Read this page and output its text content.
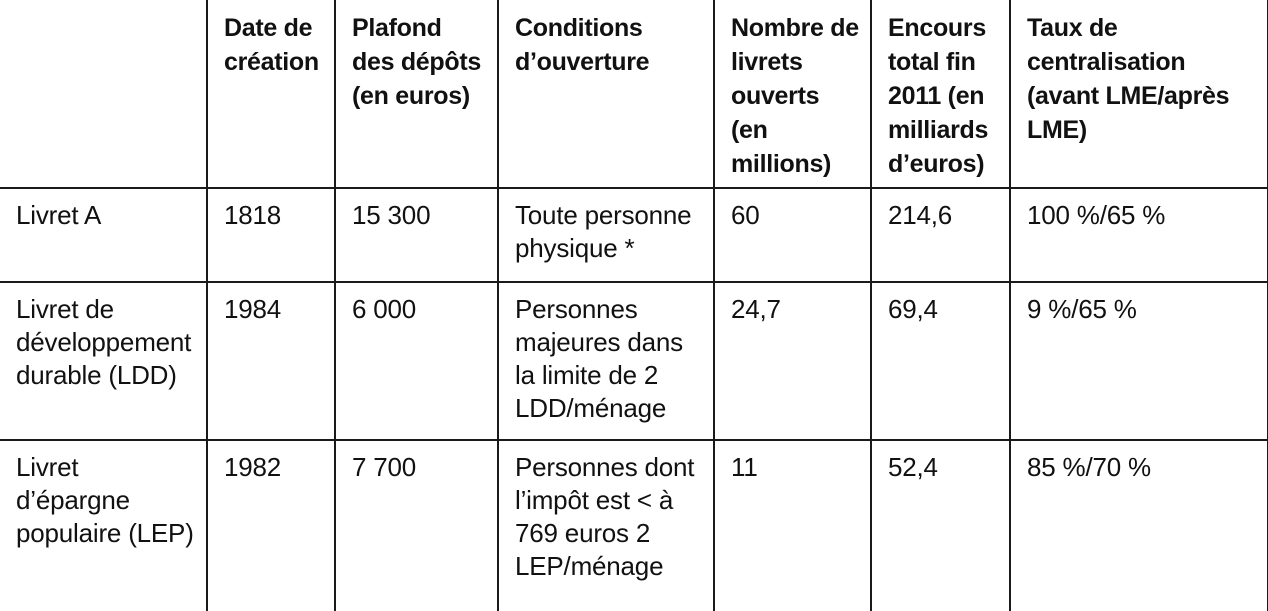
	Date de création	Plafond des dépôts (en euros)	Conditions d’ouverture	Nombre de livrets ouverts (en millions)	Encours total fin 2011 (en milliards d’euros)	Taux de centralisation (avant LME/après LME)
Livret A	1818	15 300	Toute personne physique *	60	214,6	100 %/65 %
Livret de développement durable (LDD)	1984	6 000	Personnes majeures dans la limite de 2 LDD/ménage	24,7	69,4	9 %/65 %
Livret d’épargne populaire (LEP)	1982	7 700	Personnes dont l’impôt est < à 769 euros 2 LEP/ménage	11	52,4	85 %/70 %
